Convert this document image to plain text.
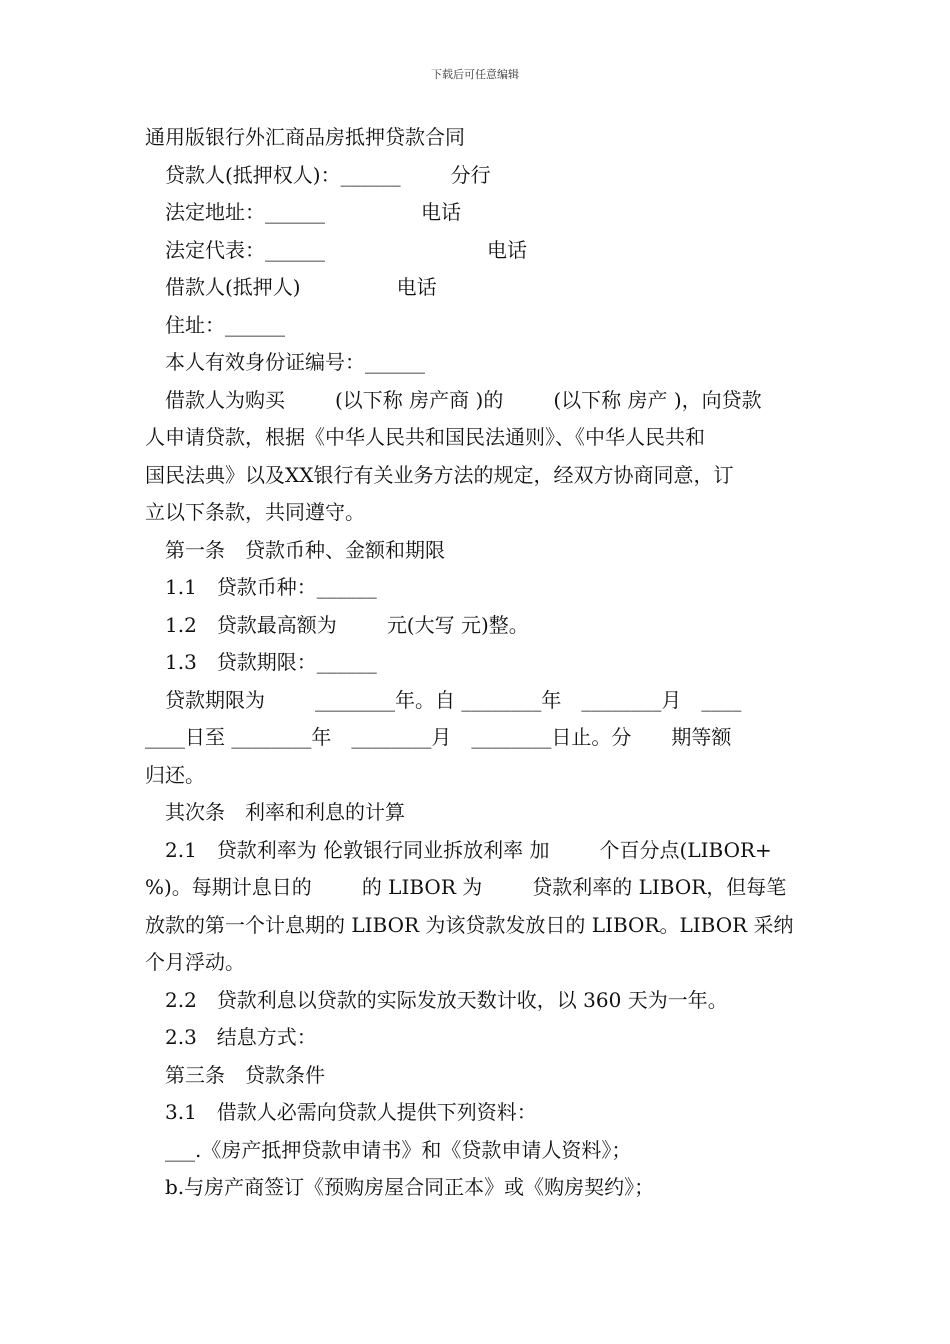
下载后可任意编辑
通用版银行外汇商品房抵押贷款合同
贷款人(抵押权人)：______	分行
法定地址：______	电话
法定代表：______	电话
借款人(抵押人)	电话
住址：______
本人有效身份证编号：______
借款人为购买	(以下称 房产商 )的	(以下称 房产 )，向贷款
人申请贷款，根据《中华人民共和国民法通则》、《中华人民共和
国民法典》以及XX银行有关业务方法的规定，经双方协商同意，订
立以下条款，共同遵守。
第一条　贷款币种、金额和期限
1.1　贷款币种：______
1.2　贷款最高额为	元(大写 元)整。
1.3　贷款期限：______
贷款期限为	________年。自 ________年　________月　____
____日至 ________年　________月　________日止。分　　期等额
归还。
其次条　利率和利息的计算
2.1　贷款利率为 伦敦银行同业拆放利率 加	个百分点(LIBOR+
%)。每期计息日的	的 LIBOR 为	贷款利率的 LIBOR，但每笔
放款的第一个计息期的 LIBOR 为该贷款发放日的 LIBOR。LIBOR 采纳
个月浮动。
2.2　贷款利息以贷款的实际发放天数计收，以 360 天为一年。
2.3　结息方式：
第三条　贷款条件
3.1　借款人必需向贷款人提供下列资料：
___.《房产抵押贷款申请书》和《贷款申请人资料》；
b.与房产商签订《预购房屋合同正本》或《购房契约》；
